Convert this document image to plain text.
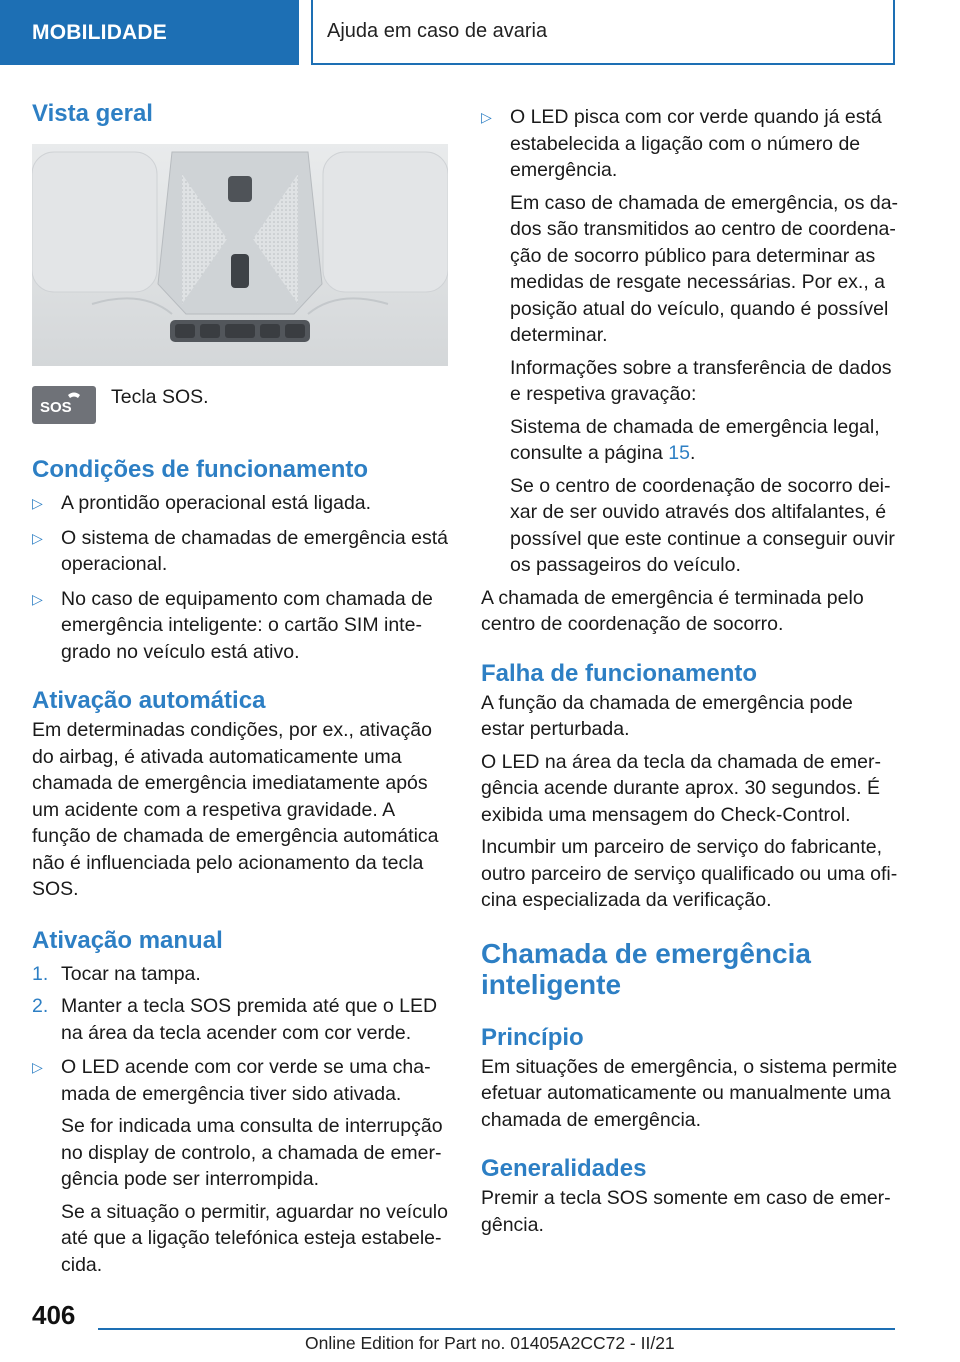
MOBILIDADE	Ajuda em caso de avaria
Vista geral
SOS Tecla SOS.

Condições de funcionamento

▷ A prontidão operacional está ligada.

▷ O sistema de chamadas de emergência está operacional.

▷ No caso de equipamento com chamada de emergência inteligente: o cartão SIM inte-grado no veículo está ativo.

Ativação automática

Em determinadas condições, por ex., ativação do airbag, é ativada automaticamente uma chamada de emergência imediatamente após um acidente com a respetiva gravidade. A função de chamada de emergência automática não é influenciada pelo acionamento da tecla SOS.

Ativação manual

1. Tocar na tampa.

2. Manter a tecla SOS premida até que o LED na área da tecla acender com cor verde.

▷ O LED acende com cor verde se uma cha-mada de emergência tiver sido ativada.

Se for indicada uma consulta de interrupção no display de controlo, a chamada de emer-gência pode ser interrompida.

Se a situação o permitir, aguardar no veículo até que a ligação telefónica esteja estabele-cida.

▷ O LED pisca com cor verde quando já está estabelecida a ligação com o número de emergência.

Em caso de chamada de emergência, os da-dos são transmitidos ao centro de coordena-ção de socorro público para determinar as medidas de resgate necessárias. Por ex., a posição atual do veículo, quando é possível determinar.

Informações sobre a transferência de dados e respetiva gravação:

Sistema de chamada de emergência legal, consulte a página 15.

Se o centro de coordenação de socorro dei-xar de ser ouvido através dos altifalantes, é possível que este continue a conseguir ouvir os passageiros do veículo.

A chamada de emergência é terminada pelo centro de coordenação de socorro.

Falha de funcionamento

A função da chamada de emergência pode estar perturbada.

O LED na área da tecla da chamada de emer-gência acende durante aprox. 30 segundos. É exibida uma mensagem do Check-Control.

Incumbir um parceiro de serviço do fabricante, outro parceiro de serviço qualificado ou uma ofi-cina especializada da verificação.

Chamada de emergência
inteligente
Princípio

Em situações de emergência, o sistema permite efetuar automaticamente ou manualmente uma chamada de emergência.

Generalidades

Premir a tecla SOS somente em caso de emer-gência.

406
Online Edition for Part no. 01405A2CC72 - II/21
